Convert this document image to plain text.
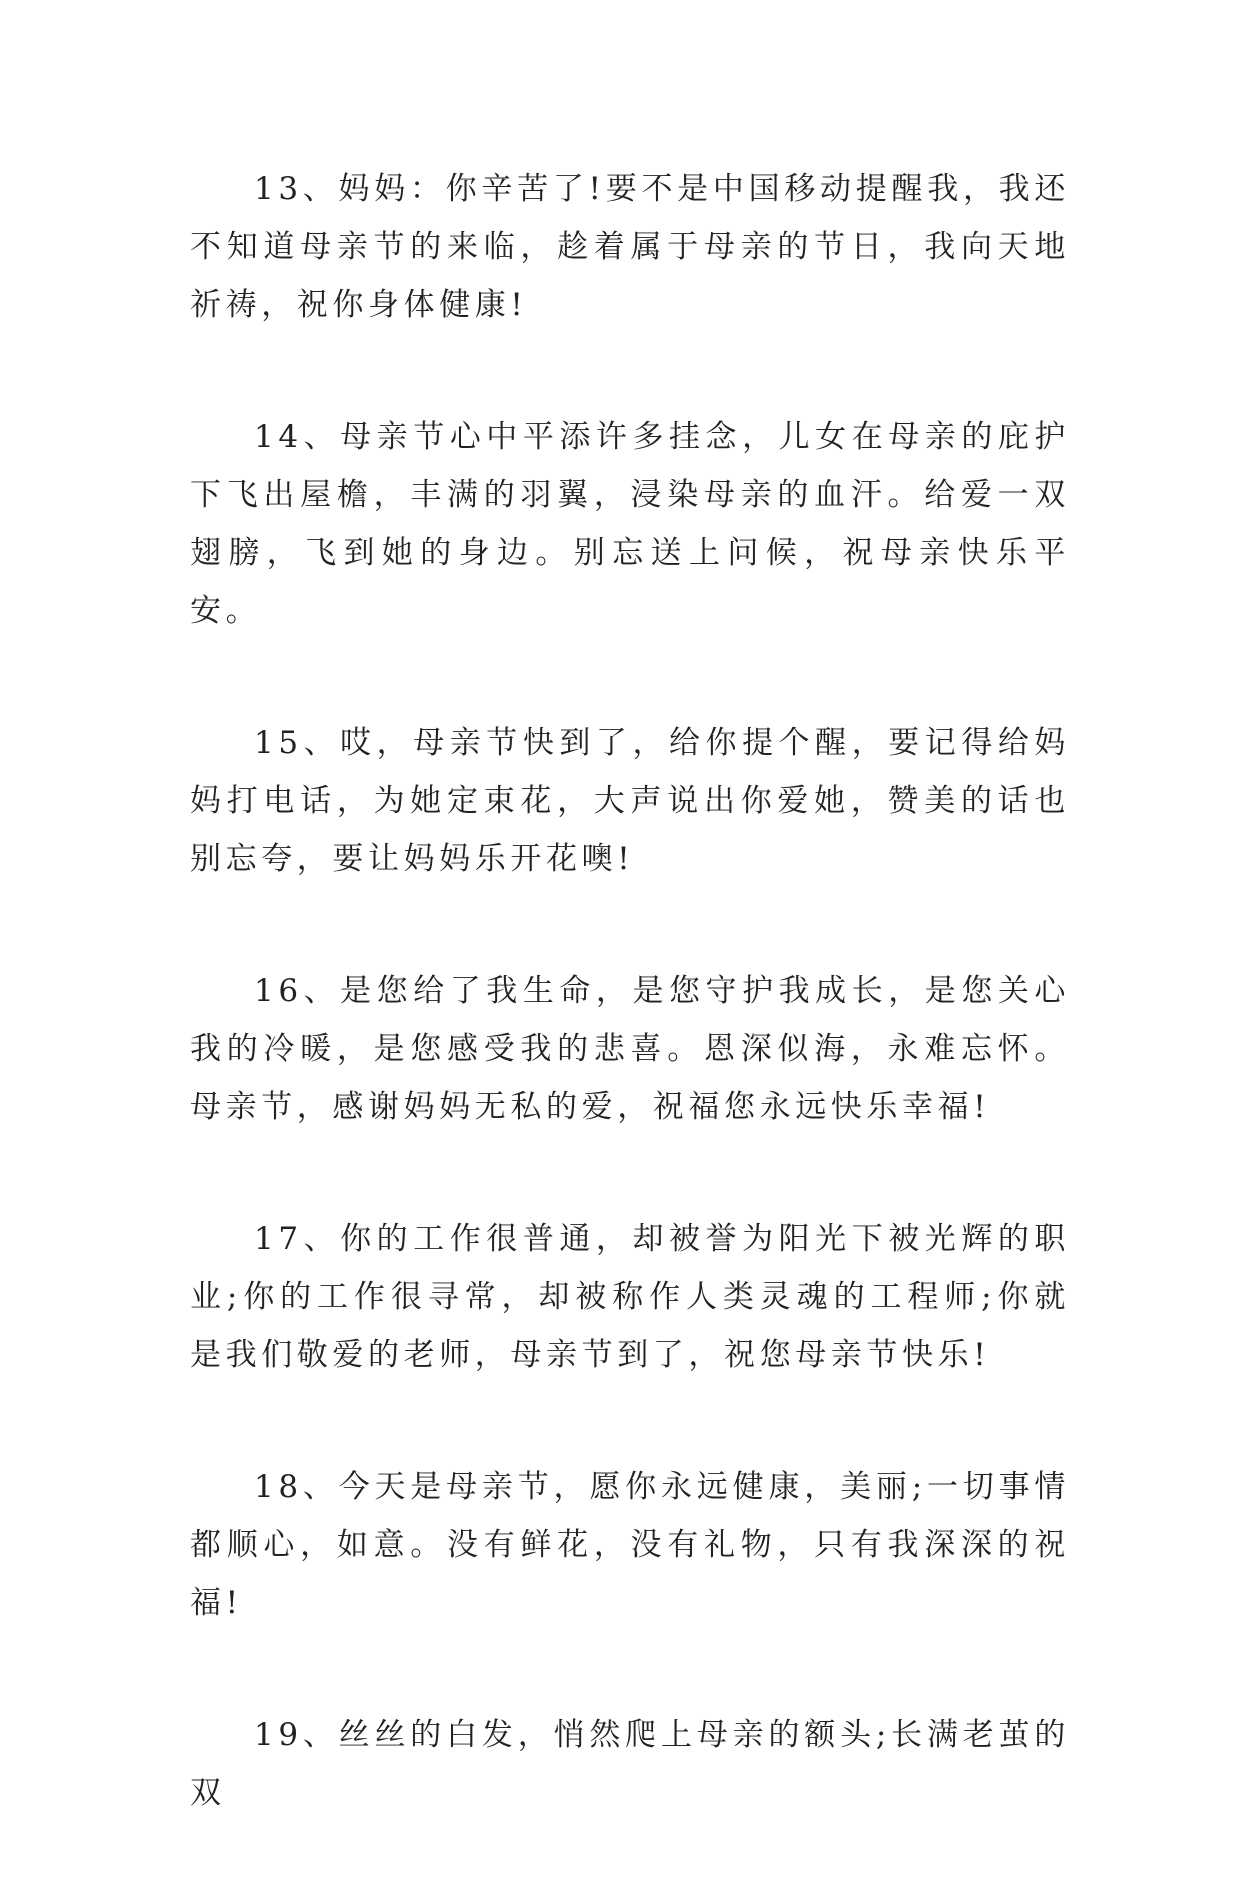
13、妈妈：你辛苦了!要不是中国移动提醒我，我还不知道母亲节的来临，趁着属于母亲的节日，我向天地祈祷，祝你身体健康!

14、母亲节心中平添许多挂念，儿女在母亲的庇护下飞出屋檐，丰满的羽翼，浸染母亲的血汗。给爱一双翅膀，飞到她的身边。别忘送上问候，祝母亲快乐平安。

15、哎，母亲节快到了，给你提个醒，要记得给妈妈打电话，为她定束花，大声说出你爱她，赞美的话也别忘夸，要让妈妈乐开花噢!

16、是您给了我生命，是您守护我成长，是您关心我的冷暖，是您感受我的悲喜。恩深似海，永难忘怀。母亲节，感谢妈妈无私的爱，祝福您永远快乐幸福!

17、你的工作很普通，却被誉为阳光下被光辉的职业;你的工作很寻常，却被称作人类灵魂的工程师;你就是我们敬爱的老师，母亲节到了，祝您母亲节快乐!

18、今天是母亲节，愿你永远健康，美丽;一切事情都顺心，如意。没有鲜花，没有礼物，只有我深深的祝福!

19、丝丝的白发，悄然爬上母亲的额头;长满老茧的双
